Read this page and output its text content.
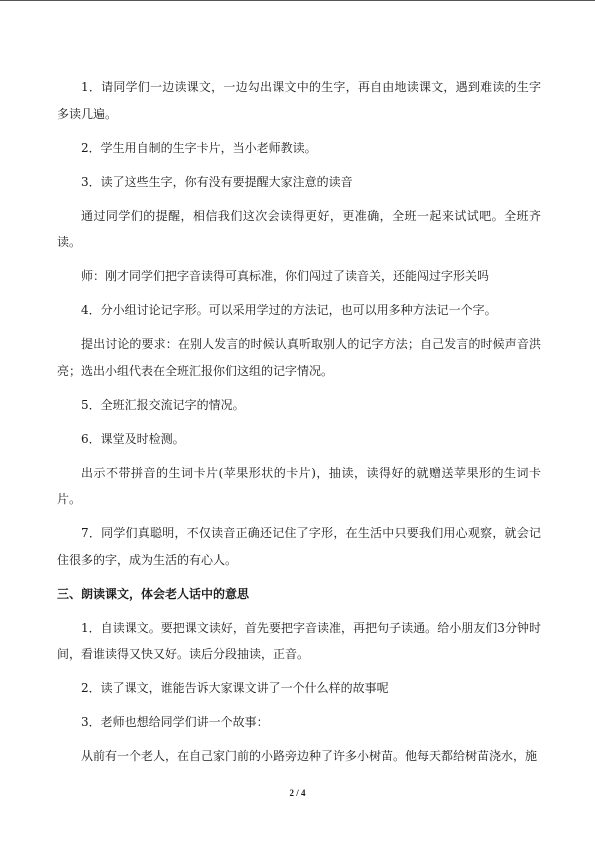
1．请同学们一边读课文，一边勾出课文中的生字，再自由地读课文，遇到难读的生字多读几遍。

2．学生用自制的生字卡片，当小老师教读。

3．读了这些生字，你有没有要提醒大家注意的读音

通过同学们的提醒，相信我们这次会读得更好，更准确，全班一起来试试吧。全班齐读。

师：刚才同学们把字音读得可真标准，你们闯过了读音关，还能闯过字形关吗

4．分小组讨论记字形。可以采用学过的方法记，也可以用多种方法记一个字。

提出讨论的要求：在别人发言的时候认真听取别人的记字方法；自己发言的时候声音洪亮；选出小组代表在全班汇报你们这组的记字情况。

5．全班汇报交流记字的情况。

6．课堂及时检测。

出示不带拼音的生词卡片(苹果形状的卡片)，抽读，读得好的就赠送苹果形的生词卡片。

7．同学们真聪明，不仅读音正确还记住了字形，在生活中只要我们用心观察，就会记住很多的字，成为生活的有心人。

三、朗读课文，体会老人话中的意思

1．自读课文。要把课文读好，首先要把字音读准，再把句子读通。给小朋友们3分钟时间，看谁读得又快又好。读后分段抽读，正音。

2．读了课文，谁能告诉大家课文讲了一个什么样的故事呢

3．老师也想给同学们讲一个故事：

从前有一个老人，在自己家门前的小路旁边种了许多小树苗。他每天都给树苗浇水，施

2 / 4
